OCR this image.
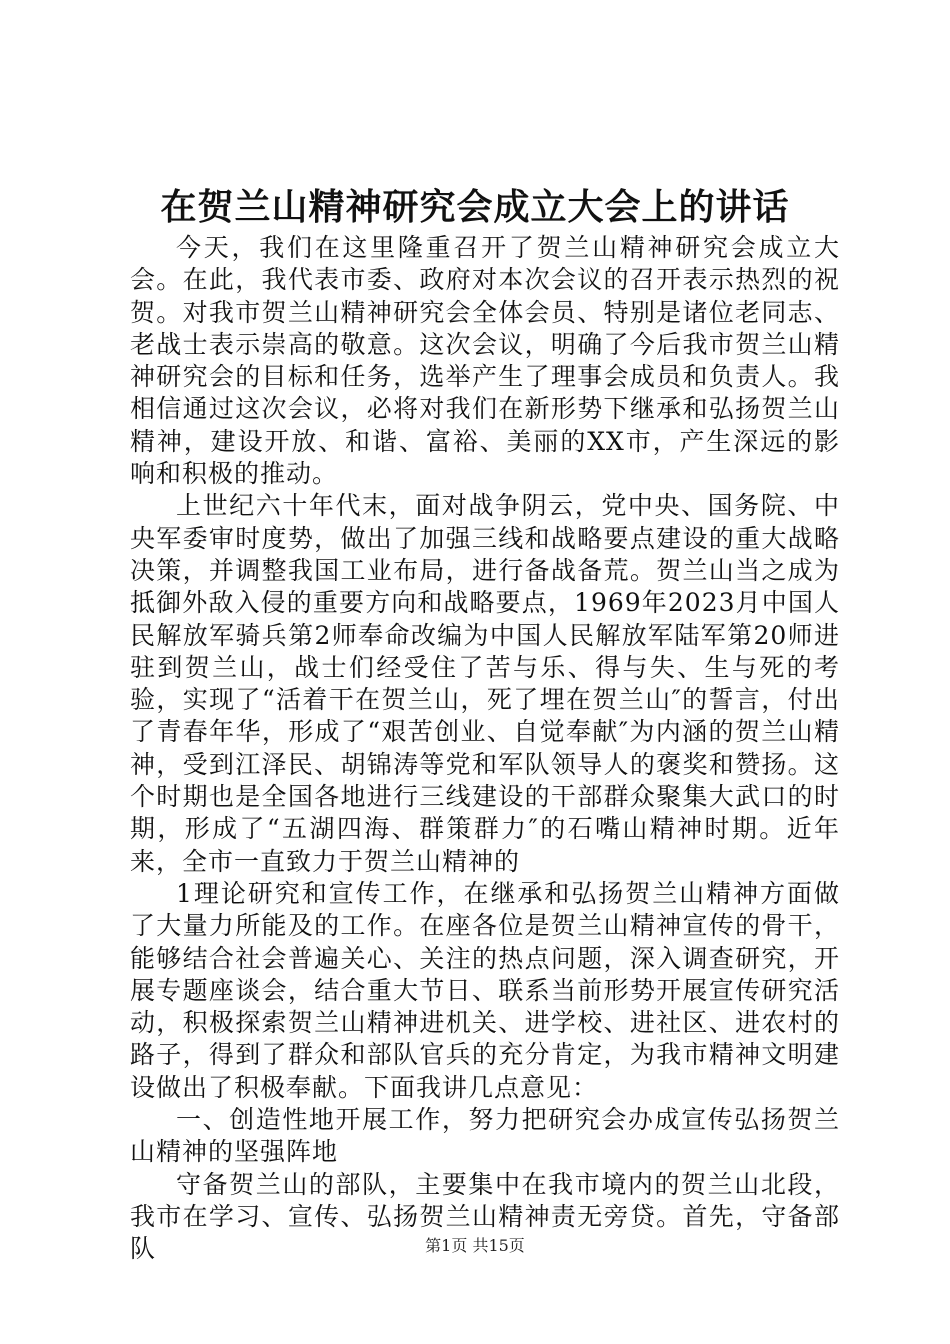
在贺兰山精神研究会成立大会上的讲话

今天，我们在这里隆重召开了贺兰山精神研究会成立大会。在此，我代表市委、政府对本次会议的召开表示热烈的祝贺。对我市贺兰山精神研究会全体会员、特别是诸位老同志、老战士表示崇高的敬意。这次会议，明确了今后我市贺兰山精神研究会的目标和任务，选举产生了理事会成员和负责人。我相信通过这次会议，必将对我们在新形势下继承和弘扬贺兰山精神，建设开放、和谐、富裕、美丽的XX市，产生深远的影响和积极的推动。

上世纪六十年代末，面对战争阴云，党中央、国务院、中央军委审时度势，做出了加强三线和战略要点建设的重大战略决策，并调整我国工业布局，进行备战备荒。贺兰山当之成为抵御外敌入侵的重要方向和战略要点，1969年2023月中国人民解放军骑兵第2师奉命改编为中国人民解放军陆军第20师进驻到贺兰山，战士们经受住了苦与乐、得与失、生与死的考验，实现了“活着干在贺兰山，死了埋在贺兰山″的誓言，付出了青春年华，形成了“艰苦创业、自觉奉献″为内涵的贺兰山精神，受到江泽民、胡锦涛等党和军队领导人的褒奖和赞扬。这个时期也是全国各地进行三线建设的干部群众聚集大武口的时期，形成了“五湖四海、群策群力″的石嘴山精神时期。近年来，全市一直致力于贺兰山精神的

1理论研究和宣传工作，在继承和弘扬贺兰山精神方面做了大量力所能及的工作。在座各位是贺兰山精神宣传的骨干，能够结合社会普遍关心、关注的热点问题，深入调查研究，开展专题座谈会，结合重大节日、联系当前形势开展宣传研究活动，积极探索贺兰山精神进机关、进学校、进社区、进农村的路子，得到了群众和部队官兵的充分肯定，为我市精神文明建设做出了积极奉献。下面我讲几点意见：

一、创造性地开展工作，努力把研究会办成宣传弘扬贺兰山精神的坚强阵地

守备贺兰山的部队，主要集中在我市境内的贺兰山北段，我市在学习、宣传、弘扬贺兰山精神责无旁贷。首先，守备部队	第1页 共15页
